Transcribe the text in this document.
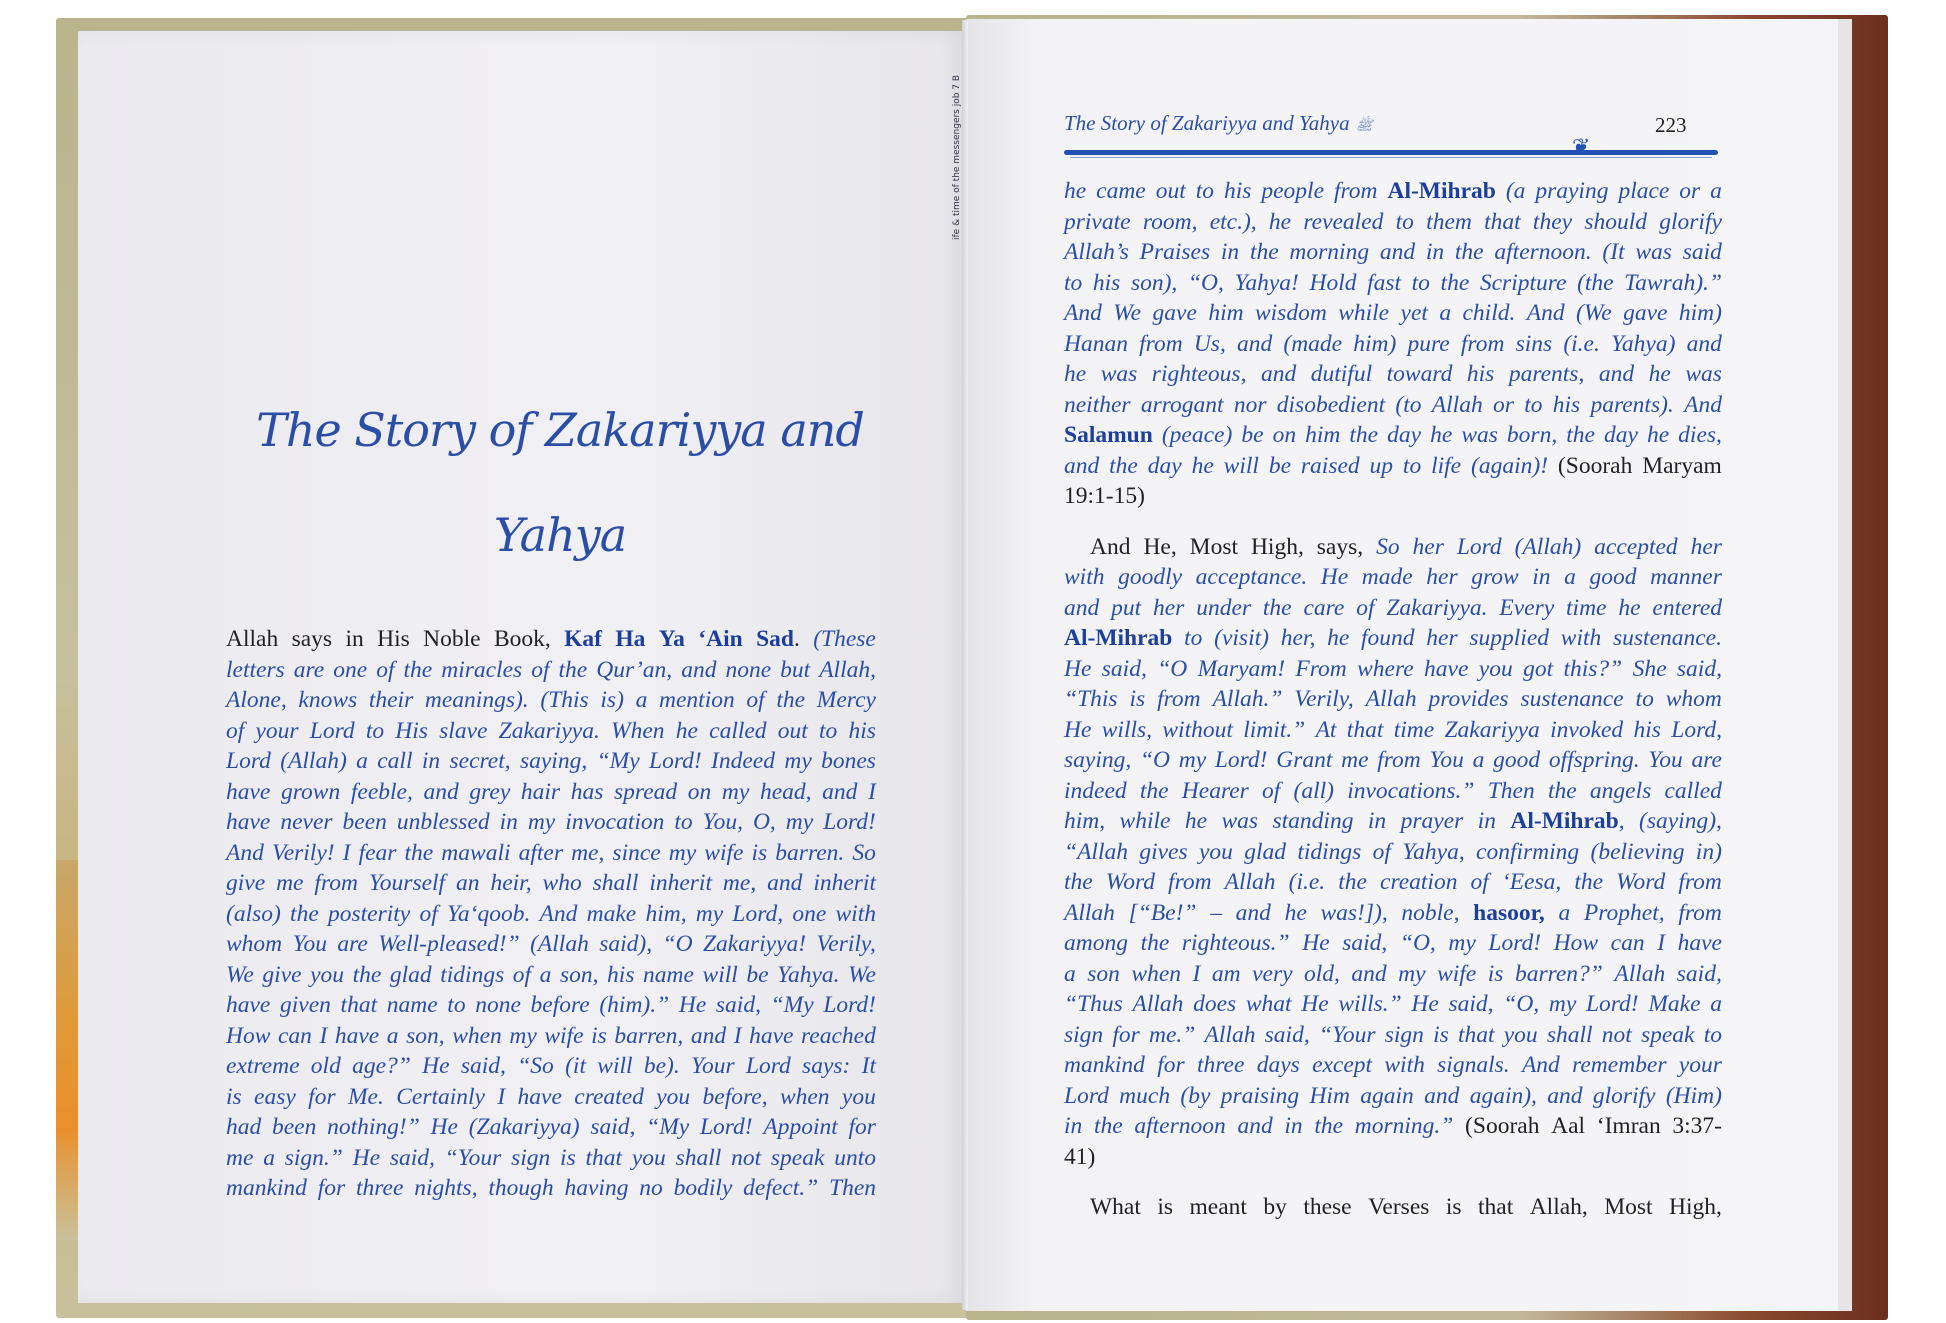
ife & time of the messengers job 7 B
The Story of Zakariyya and
Yahya
The Story of Zakariyya and Yahya ﷺ	223
❦
Allah says in His Noble Book, Kaf Ha Ya ‘Ain Sad. (These
letters are one of the miracles of the Qur’an, and none but Allah,
Alone, knows their meanings). (This is) a mention of the Mercy
of your Lord to His slave Zakariyya. When he called out to his
Lord (Allah) a call in secret, saying, “My Lord! Indeed my bones
have grown feeble, and grey hair has spread on my head, and I
have never been unblessed in my invocation to You, O, my Lord!
And Verily! I fear the mawali after me, since my wife is barren. So
give me from Yourself an heir, who shall inherit me, and inherit
(also) the posterity of Ya‘qoob. And make him, my Lord, one with
whom You are Well-pleased!” (Allah said), “O Zakariyya! Verily,
We give you the glad tidings of a son, his name will be Yahya. We
have given that name to none before (him).” He said, “My Lord!
How can I have a son, when my wife is barren, and I have reached
extreme old age?” He said, “So (it will be). Your Lord says: It
is easy for Me. Certainly I have created you before, when you
had been nothing!” He (Zakariyya) said, “My Lord! Appoint for
me a sign.” He said, “Your sign is that you shall not speak unto
mankind for three nights, though having no bodily defect.” Then
he came out to his people from Al-Mihrab (a praying place or a
private room, etc.), he revealed to them that they should glorify
Allah’s Praises in the morning and in the afternoon. (It was said
to his son), “O, Yahya! Hold fast to the Scripture (the Tawrah).”
And We gave him wisdom while yet a child. And (We gave him)
Hanan from Us, and (made him) pure from sins (i.e. Yahya) and
he was righteous, and dutiful toward his parents, and he was
neither arrogant nor disobedient (to Allah or to his parents). And
Salamun (peace) be on him the day he was born, the day he dies,
and the day he will be raised up to life (again)! (Soorah Maryam
19:1-15)
And He, Most High, says, So her Lord (Allah) accepted her
with goodly acceptance. He made her grow in a good manner
and put her under the care of Zakariyya. Every time he entered
Al-Mihrab to (visit) her, he found her supplied with sustenance.
He said, “O Maryam! From where have you got this?” She said,
“This is from Allah.” Verily, Allah provides sustenance to whom
He wills, without limit.” At that time Zakariyya invoked his Lord,
saying, “O my Lord! Grant me from You a good offspring. You are
indeed the Hearer of (all) invocations.” Then the angels called
him, while he was standing in prayer in Al-Mihrab, (saying),
“Allah gives you glad tidings of Yahya, confirming (believing in)
the Word from Allah (i.e. the creation of ‘Eesa, the Word from
Allah [“Be!” – and he was!]), noble, hasoor, a Prophet, from
among the righteous.” He said, “O, my Lord! How can I have
a son when I am very old, and my wife is barren?” Allah said,
“Thus Allah does what He wills.” He said, “O, my Lord! Make a
sign for me.” Allah said, “Your sign is that you shall not speak to
mankind for three days except with signals. And remember your
Lord much (by praising Him again and again), and glorify (Him)
in the afternoon and in the morning.” (Soorah Aal ‘Imran 3:37-
41)
What is meant by these Verses is that Allah, Most High,
